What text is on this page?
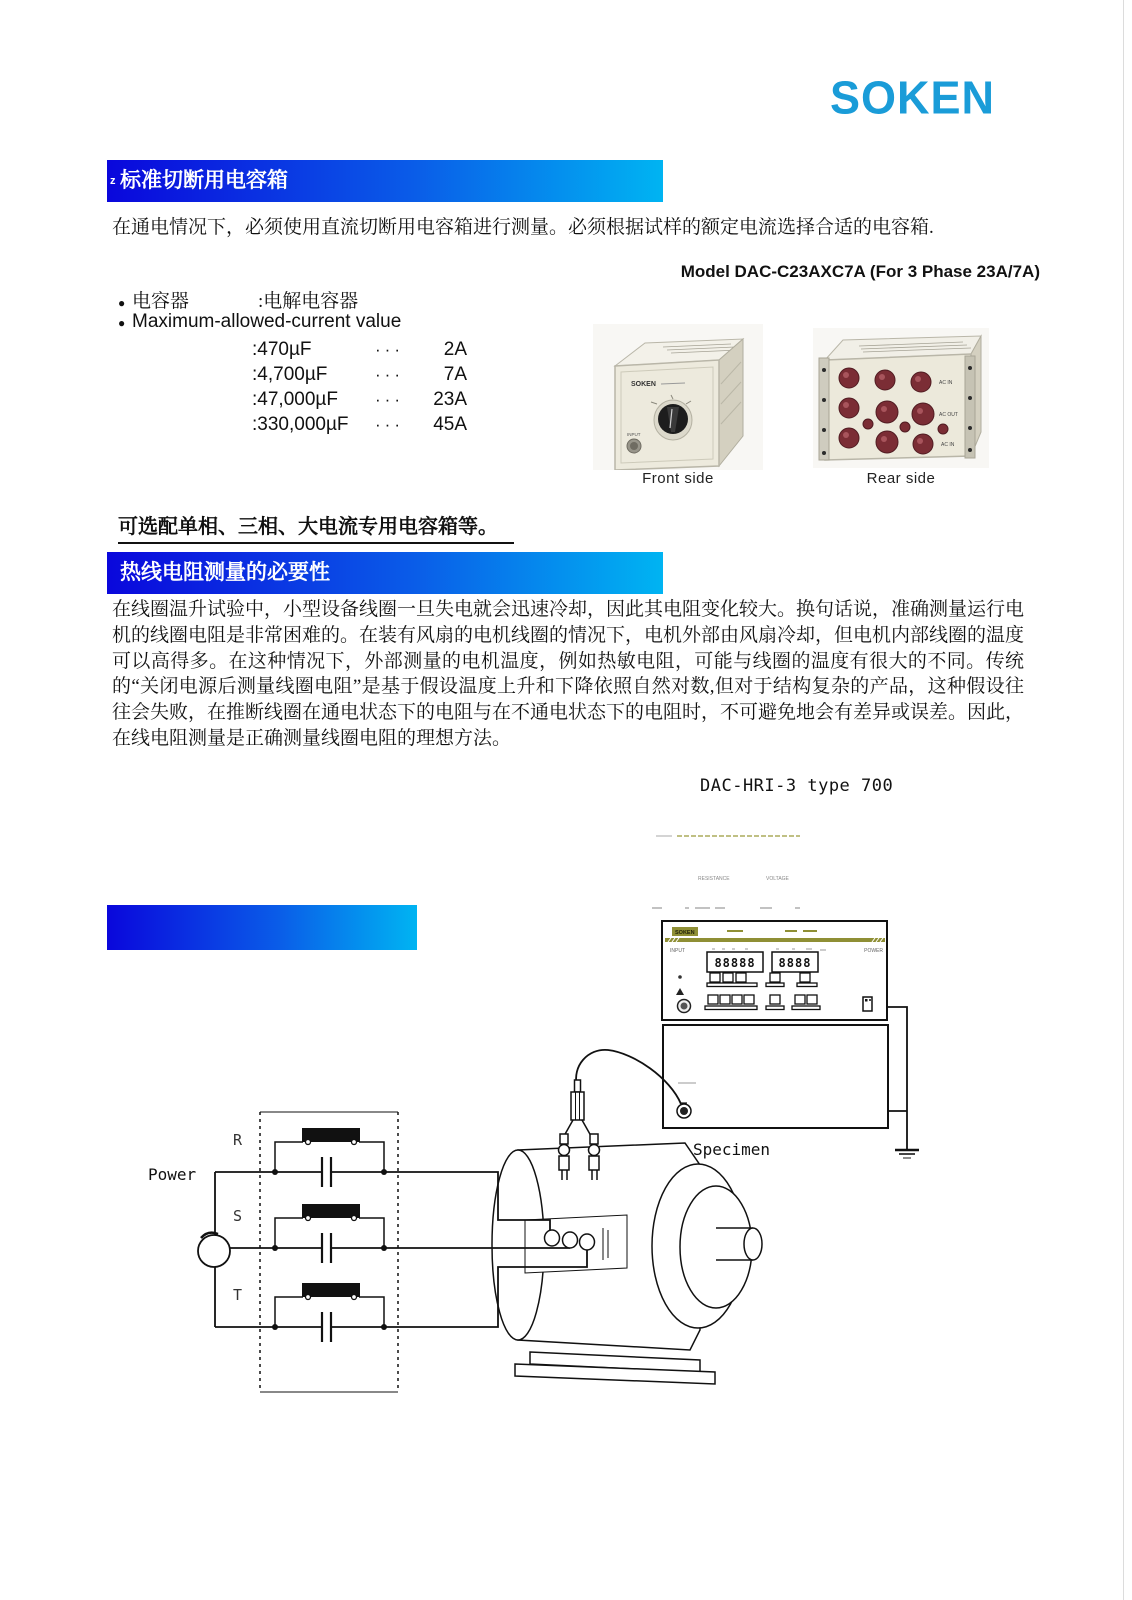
SOKEN
标准切断用电容箱
z
在通电情况下，必须使用直流切断用电容箱进行测量。必须根据试样的额定电流选择合适的电容箱.
Model DAC-C23AXC7A (For 3 Phase 23A/7A)
● 电容器	:电解电容器
● Maximum-allowed-current value
:470µF	···	2A
:4,700µF	···	7A
:47,000µF	···	23A
:330,000µF	···	45A
SOKEN
INPUT
Front side
AC IN
AC OUT
AC IN
Rear side
可选配单相、三相、大电流专用电容箱等。
热线电阻测量的必要性
在线圈温升试验中，小型设备线圈一旦失电就会迅速冷却，因此其电阻变化较大。换句话说，准确测量运行电机的线圈电阻是非常困难的。在装有风扇的电机线圈的情况下，电机外部由风扇冷却，但电机内部线圈的温度可以高得多。在这种情况下，外部测量的电机温度，例如热敏电阻，可能与线圈的温度有很大的不同。传统的“关闭电源后测量线圈电阻”是基于假设温度上升和下降依照自然对数,但对于结构复杂的产品，这种假设往往会失败，在推断线圈在通电状态下的电阻与在不通电状态下的电阻时，不可避免地会有差异或误差。因此，在线电阻测量是正确测量线圈电阻的理想方法。
DAC-HRI-3 type 700
RESISTANCE	VOLTAGE
SOKEN
INPUT	POWER
88888 8888
Specimen
Power
R
S
T
